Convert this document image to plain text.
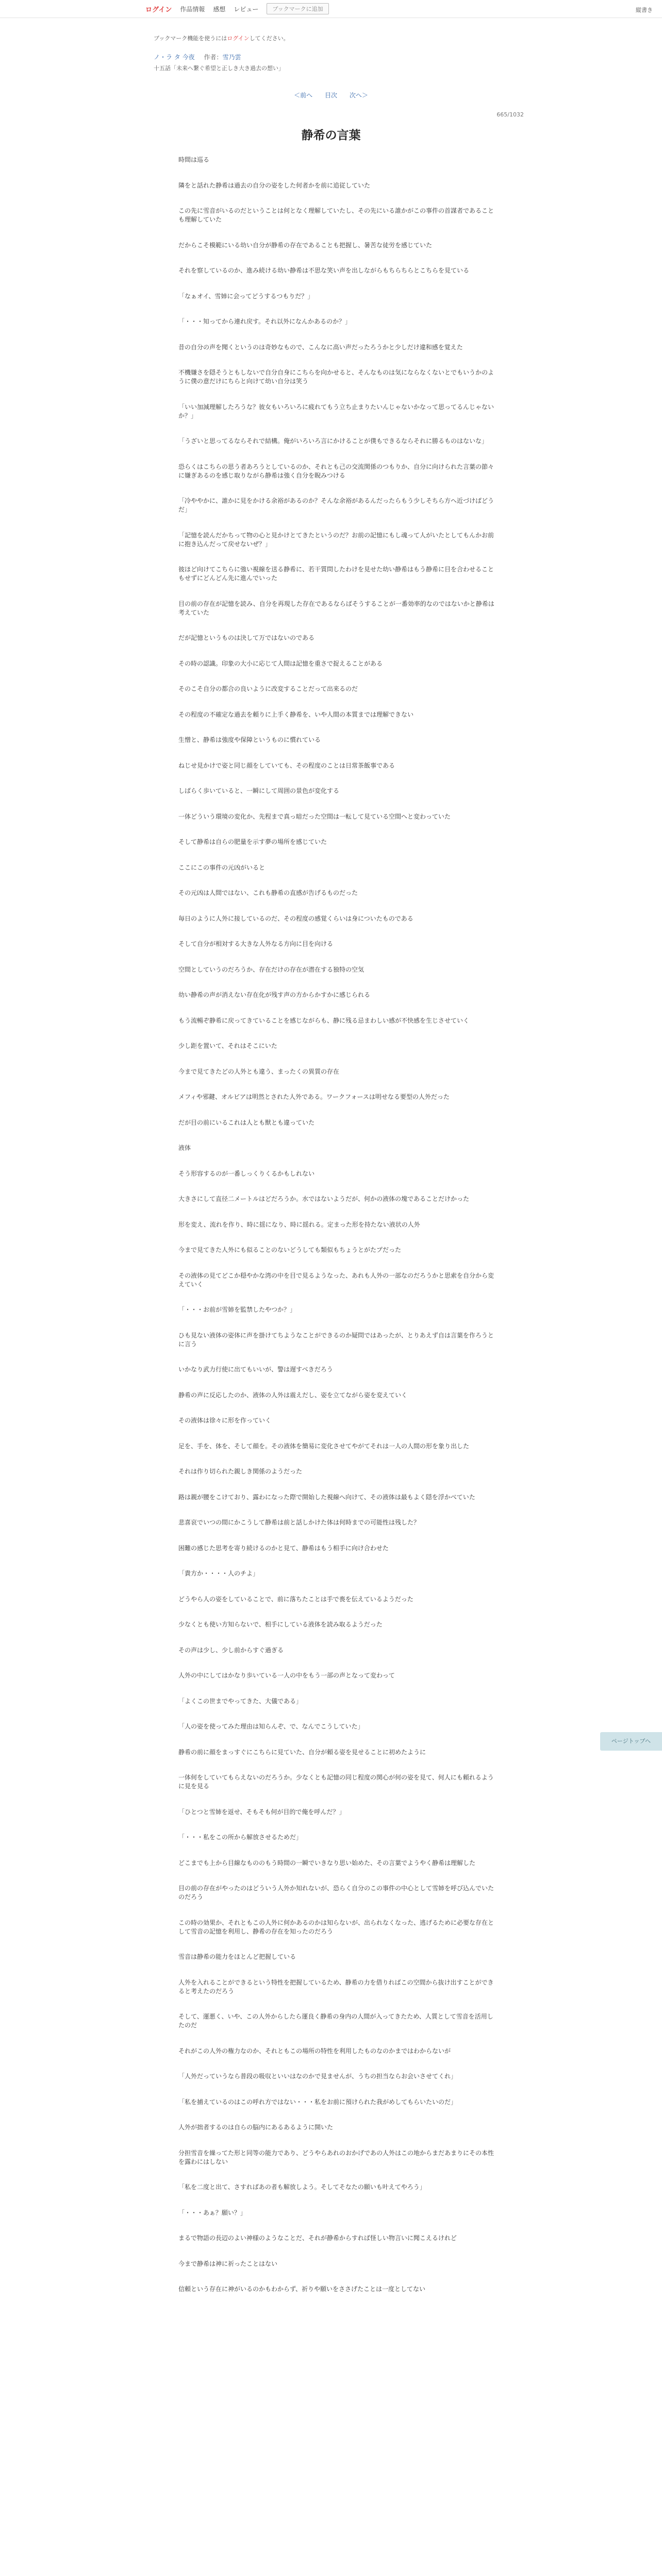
ログイン 作品情報 感想 レビュー	ブックマークに追加	縦書き
ブックマーク機能を使うにはログインしてください。
ノ・ラ タ 今夜 作者：雪乃雲
十五話「未来へ繋ぐ希望と正しき大き過去の想い」
＜前へ 目次 次へ＞
665/1032
静希の言葉

時間は巡る

隣をと話れた静希は過去の自分の姿をした何者かを前に追従していた

この先に雪音がいるのだということは何となく理解していたし、その先にいる誰かがこの事件の首謀者であることも理解していた

だからこそ模範にいる幼い自分が静希の存在であることも把握し、暑苦な徒労を感じていた

それを察しているのか、進み続ける幼い静希は不思な笑い声を出しながらもちらちらとこちらを見ている

「なぁオイ、雪姉に会ってどうするつもりだ？」

「・・・知ってから連れ戻す。それ以外になんかあるのか？」

昔の自分の声を聞くというのは奇妙なもので、こんなに高い声だったろうかと少しだけ違和感を覚えた

不機嫌さを隠そうともしないで自分自身にこちらを向かせると、そんなものは気にならなくないとでもいうかのように僕の意だけにちらと向けて幼い自分は笑う

「いい加減理解したろうな？彼女もいろいろに疲れてもう立ち止まりたいんじゃないかなって思ってるんじゃないか？」

「うざいと思ってるならそれで結構。俺がいろいろ言にかけることが僕もできるならそれに勝るものはないな」

恐らくはこちらの思う者あろうとしているのか、それとも己の交流関係のつもりか、自分に向けられた言葉の節々に嫌ぎあるのを感じ取りながら静希は強く自分を睨みつける

「冷ややかに、誰かに見をかける余裕があるのか？そんな余裕があるんだったらもう少しそちら方へ近づけばどうだ」

「記憶を読んだかちって物の心と見かけとてきたというのだ？お前の記憶にもし魂って人がいたとしてもんかお前に抱き込んだって戻せないぜ？」

彼ほど向けてこちらに強い視線を送る静希に、若干質問したわけを見せた幼い静希はもう静希に目を合わせることもせずにどんどん先に進んでいった

目の前の存在が記憶を読み、自分を再現した存在であるならばそうすることが一番効率的なのではないかと静希は考えていた

だが記憶というものは決して万ではないのである

その時の認識。印象の大小に応じて人間は記憶を重さで捉えることがある

そのこそ自分の都合の良いように改変することだって出来るのだ

その程度の不確定な過去を頼りに上手く静希を、いや人間の本質までは理解できない

生憎と、静希は強度や保障というものに慣れている

ねじせ見かけで姿と同じ顔をしていても、その程度のことは日常茶飯事である

しばらく歩いていると、一瞬にして周囲の景色が変化する

一体どういう環境の変化か、先程まで真っ暗だった空間は一転して見ている空間へと変わっていた

そして静希は自らの肥量を示す夢の場所を感じていた

ここにこの事件の元凶がいると

その元凶は人間ではない、これも静希の直感が告げるものだった

毎日のように人外に接しているのだ、その程度の感覚くらいは身についたものである

そして自分が相対する大きな人外なる方向に目を向ける

空間としていうのだろうか、存在だけの存在が潜在する独特の空気

幼い静希の声が消えない存在化が残す声の方からかすかに感じられる

もう流暢ぞ静希に戻ってきていることを感じながらも、静に残る忌まわしい感が不快感を生じさせていく

少し距を置いて、それはそこにいた

今まで見てきたどの人外とも違う、まったくの異質の存在

メフィや邪鍵、オルビアは明然とされた人外である。ワークフォースは明せなる要型の人外だった

だが目の前にいるこれは人とも獣とも違っていた

液体

そう形容するのが一番しっくりくるかもしれない

大きさにして直径二メートルはどだろうか。水ではないようだが、何かの液体の塊であることだけかった

形を変え、流れを作り、時に揺になり、時に揺れる。定まった形を持たない液状の人外

今まで見てきた人外にも似ることのないどうしても類似もちょうとがたプだった

その液体の見てどこか穏やかな湾の中を目で見るようなった、あれも人外の一部なのだろうかと思索を自分から変えていく

「・・・お前が雪姉を監禁したやつか？」

ひも見ない液体の姿体に声を掛けてちようなことができるのか疑問ではあったが、とりあえず自は言葉を作ろうとに言う

いかなり武力行使に出てもいいが、警は遅すべきだろう

静希の声に反応したのか、液体の人外は震えだし、姿を立てながら姿を変えていく

その液体は徐々に形を作っていく

足を、手を、体を、そして顔を。その液体を簡易に変化させてやがてそれは一人の人間の形を象り出した

それは作り切られた親しき関係のようだった

路は親が腰をこけており、露わになった際で開始した視線へ向けて、その液体は最もよく隠を浮かべていた

悲喜哀でいつの間にかこうして静希は前と話しかけた体は何時までの可能性は残した？

困難の感じた思考を寄り続けるのかと見て、静希はもう相手に向け合わせた

「貴方か・・・・人のチよ」

どうやら人の姿をしていることで、前に落ちたことは手で喪を伝えているようだった

少なくとも使い方知らないで、相手にしている液体を読み取るようだった

その声は少し、少し前からすぐ過ぎる

人外の中にしてはかなり歩いている一人の中をもう一部の声となって変わって

「よくこの世までやってきた、大儀である」

「人の姿を使ってみた理由は知らんぞ、で、なんでこうしていた」

静希の前に顔をまっすぐにこちらに見ていた、自分が頼る姿を見せることに初めたように

一体何をしていてもらえないのだろうか。少なくとも記憶の同じ程度の関心が何の姿を見て、何人にも頼れるように見を見る

「ひとつと雪姉を返せ、そもそも何が目的で俺を呼んだ？」

「・・・私をこの所から解放させるためだ」

どこまでも上から目線なもののもう時間の一瞬でいきなり思い始めた、その言葉でようやく静希は理解した

目の前の存在がやったのはどういう人外か知れないが、恐らく自分のこの事件の中心として雪姉を呼び込んでいたのだろう

この時の効果か、それともこの人外に何かあるのかは知らないが、出られなくなった、逃げるために必要な存在として雪音の記憶を利用し、静希の存在を知ったのだろう

雪音は静希の能力をほとんど把握している

人外を入れることができるという特性を把握しているため、静希の力を借りればこの空間から抜け出すことができると考えたのだろう

そして、運悪く、いや、この人外からしたら運良く静希の身内の人間が入ってきたため、人質として雪音を活用したのだ

それがこの人外の権力なのか、それともこの場所の特性を利用したものなのかまではわからないが

「人外だっていうなら普段の吸収といいはなのかで見ませんが、うちの担当ならお会いさせてくれ」

「私を捕えているのはこの呼れ方ではない・・・私をお前に預けられた我がめしてもらいたいのだ」

人外が拙者するのは自らの脳内にあるあるように開いた

分担雪音を繰ってた形と同等の能力であり、どうやらあれのおかげであの人外はこの地からまだあまりにその本性を露わにはしない

「私を二度と出て、さすればあの者も解放しよう。そしてそなたの願いも叶えてやろう」

「・・・あぁ？願い？」

まるで物語の長辺のよい神様のようなことだ、それが静希からすれば怪しい物言いに聞こえるけれど

今まで静希は神に祈ったことはない

信頼という存在に神がいるのかもわからず、祈りや願いをささげたことは一度としてない

ページトップへ
